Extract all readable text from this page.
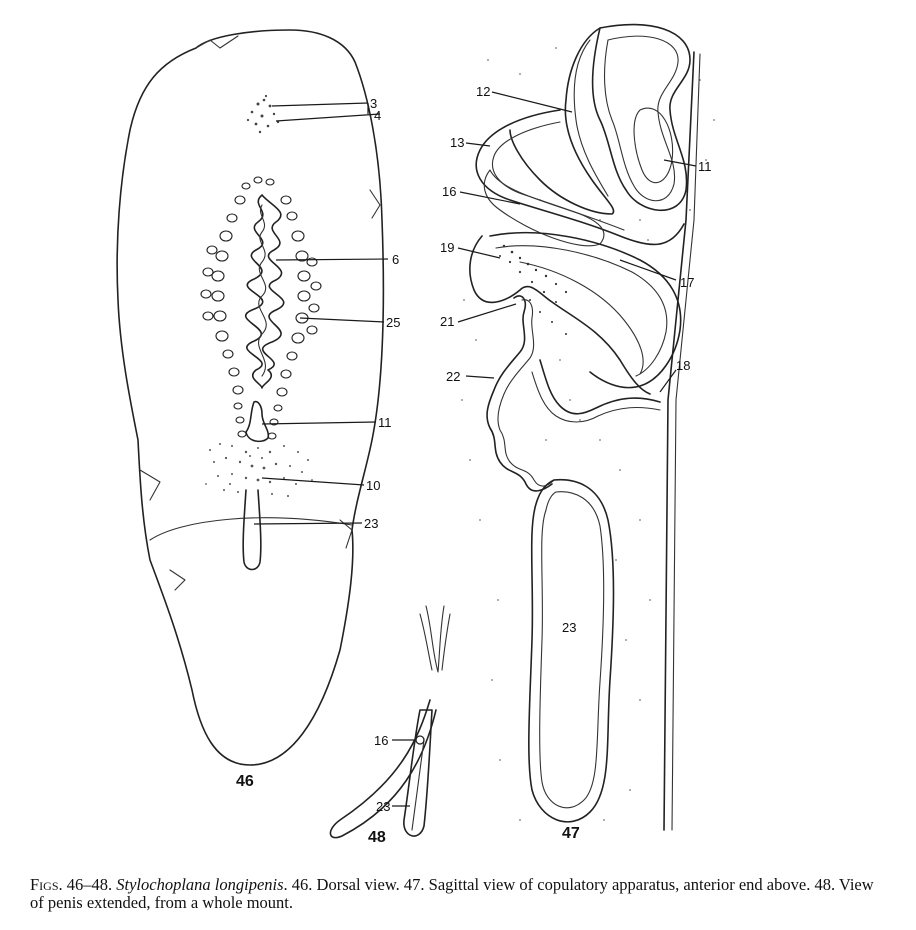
3
4
6
25
11
10
23
46
12
11
13
16
19
17
21
22
18
23
47
16
23
48
Figs. 46–48. Stylochoplana longipenis. 46. Dorsal view. 47. Sagittal view of copulatory apparatus, anterior end above. 48. View of penis extended, from a whole mount.
